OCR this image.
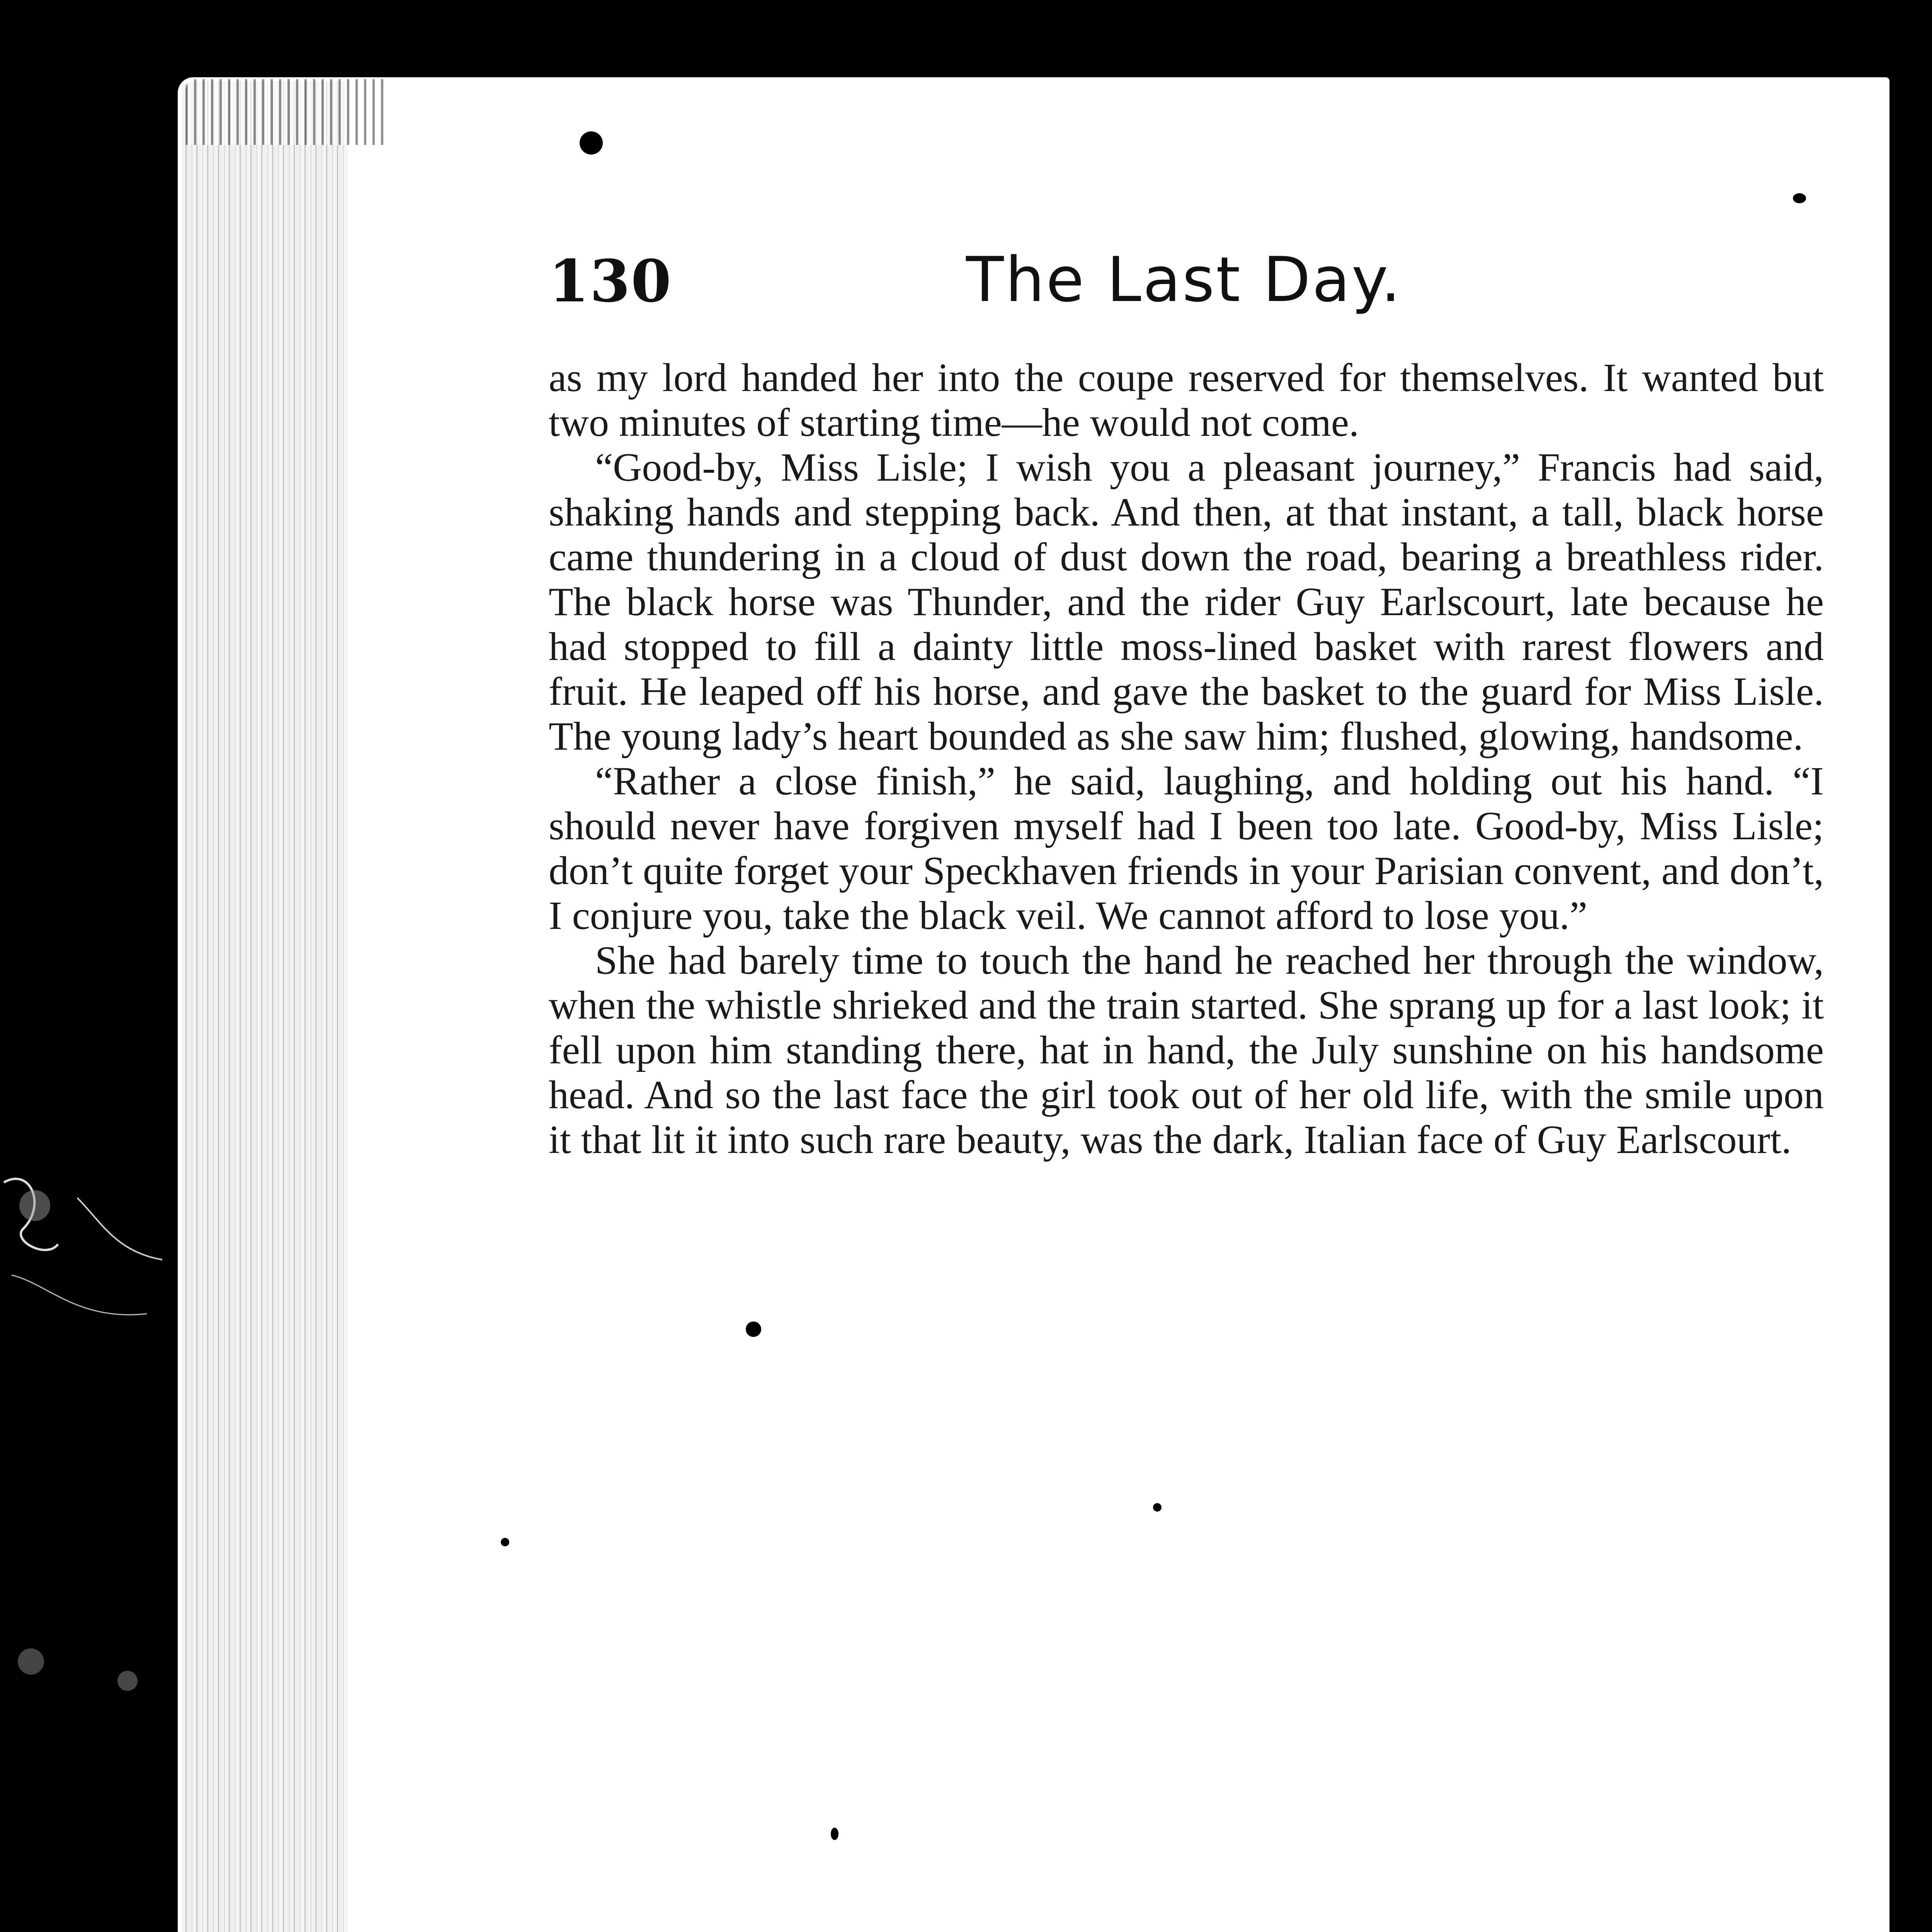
130	The Last Day.

as my lord handed her into the coupe reserved for themselves. It wanted but two minutes of starting time—he would not come.

“Good-by, Miss Lisle; I wish you a pleasant journey,” Francis had said, shaking hands and stepping back. And then, at that instant, a tall, black horse came thundering in a cloud of dust down the road, bearing a breathless rider. The black horse was Thunder, and the rider Guy Earlscourt, late because he had stopped to fill a dainty little moss-lined basket with rarest flowers and fruit. He leaped off his horse, and gave the basket to the guard for Miss Lisle. The young lady’s heart bounded as she saw him; flushed, glowing, handsome.

“Rather a close finish,” he said, laughing, and holding out his hand. “I should never have forgiven myself had I been too late. Good-by, Miss Lisle; don’t quite forget your Speckhaven friends in your Parisian convent, and don’t, I conjure you, take the black veil. We cannot afford to lose you.”

She had barely time to touch the hand he reached her through the window, when the whistle shrieked and the train started. She sprang up for a last look; it fell upon him standing there, hat in hand, the July sunshine on his handsome head. And so the last face the girl took out of her old life, with the smile upon it that lit it into such rare beauty, was the dark, Italian face of Guy Earlscourt.
